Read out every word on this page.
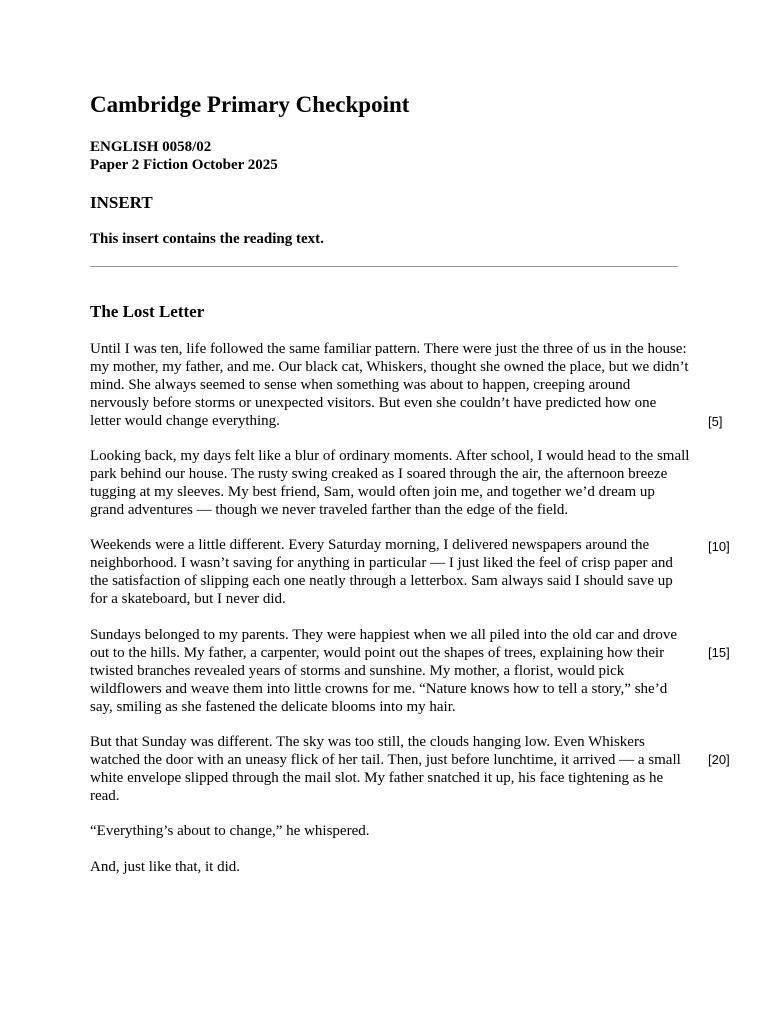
Cambridge Primary Checkpoint
ENGLISH 0058/02
Paper 2 Fiction October 2025
INSERT
This insert contains the reading text.
The Lost Letter

Until I was ten, life followed the same familiar pattern. There were just the three of us in the house: my mother, my father, and me. Our black cat, Whiskers, thought she owned the place, but we didn’t mind. She always seemed to sense when something was about to happen, creeping around nervously before storms or unexpected visitors. But even she couldn’t have predicted how one letter would change everything.

Looking back, my days felt like a blur of ordinary moments. After school, I would head to the small park behind our house. The rusty swing creaked as I soared through the air, the afternoon breeze tugging at my sleeves. My best friend, Sam, would often join me, and together we’d dream up grand adventures — though we never traveled farther than the edge of the field.

Weekends were a little different. Every Saturday morning, I delivered newspapers around the neighborhood. I wasn’t saving for anything in particular — I just liked the feel of crisp paper and the satisfaction of slipping each one neatly through a letterbox. Sam always said I should save up for a skateboard, but I never did.

Sundays belonged to my parents. They were happiest when we all piled into the old car and drove out to the hills. My father, a carpenter, would point out the shapes of trees, explaining how their twisted branches revealed years of storms and sunshine. My mother, a florist, would pick wildflowers and weave them into little crowns for me. “Nature knows how to tell a story,” she’d say, smiling as she fastened the delicate blooms into my hair.

But that Sunday was different. The sky was too still, the clouds hanging low. Even Whiskers watched the door with an uneasy flick of her tail. Then, just before lunchtime, it arrived — a small white envelope slipped through the mail slot. My father snatched it up, his face tightening as he read.

“Everything’s about to change,” he whispered.

And, just like that, it did.

[5]
[10]
[15]
[20]
